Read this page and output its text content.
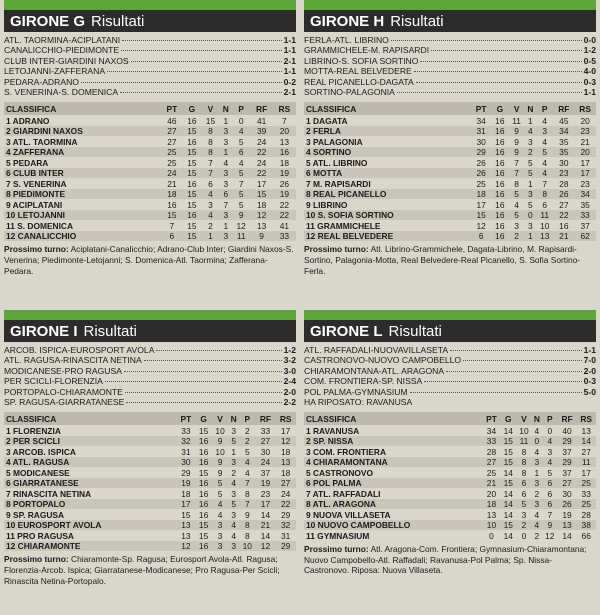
GIRONE G Risultati
ATL. TAORMINA-ACIPLATANI	1-1
CANALICCHIO-PIEDIMONTE	1-1
CLUB INTER-GIARDINI NAXOS	2-1
LETOJANNI-ZAFFERANA	1-1
PEDARA-ADRANO	0-2
S. VENERINA-S. DOMENICA	2-1
CLASSIFICA	PT	G	V	N	P	RF	RS
1 ADRANO	46	16	15	1	0	41	7
2 GIARDINI NAXOS	27	15	8	3	4	39	20
3 ATL. TAORMINA	27	16	8	3	5	24	13
4 ZAFFERANA	25	15	8	1	6	22	16
5 PEDARA	25	15	7	4	4	24	18
6 CLUB INTER	24	15	7	3	5	22	19
7 S. VENERINA	21	16	6	3	7	17	26
8 PIEDIMONTE	18	15	4	6	5	15	19
9 ACIPLATANI	16	15	3	7	5	18	22
10 LETOJANNI	15	16	4	3	9	12	22
11 S. DOMENICA	7	15	2	1	12	13	41
12 CANALICCHIO	6	15	1	3	11	9	33
Prossimo turno: Aciplatani-Canalicchio; Adrano-Club Inter; Giardini Naxos-S. Venerina; Piedimonte-Letojanni; S. Domenica-Atl. Taormina; Zafferana-Pedara.
GIRONE H Risultati
FERLA-ATL. LIBRINO	0-0
GRAMMICHELE-M. RAPISARDI	1-2
LIBRINO-S. SOFIA SORTINO	0-5
MOTTA-REAL BELVEDERE	4-0
REAL PICANELLO-DAGATA	0-3
SORTINO-PALAGONIA	1-1
CLASSIFICA	PT	G	V	N	P	RF	RS
1 DAGATA	34	16	11	1	4	45	20
2 FERLA	31	16	9	4	3	34	23
3 PALAGONIA	30	16	9	3	4	35	21
4 SORTINO	29	16	9	2	5	35	20
5 ATL. LIBRINO	26	16	7	5	4	30	17
6 MOTTA	26	16	7	5	4	23	17
7 M. RAPISARDI	25	16	8	1	7	28	23
8 REAL PICANELLO	18	16	5	3	8	26	34
9 LIBRINO	17	16	4	5	6	27	35
10 S. SOFIA SORTINO	15	16	5	0	11	22	33
11 GRAMMICHELE	12	16	3	3	10	16	37
12 REAL BELVEDERE	6	16	2	1	13	21	62
Prossimo turno: Atl. Librino-Grammichele, Dagata-Librino, M. Rapisardi-Sortino, Palagonia-Motta, Real Belvedere-Real Picanello, S. Sofia Sortino-Ferla.
GIRONE I Risultati
ARCOB. ISPICA-EUROSPORT AVOLA	1-2
ATL. RAGUSA-RINASCITA NETINA	3-2
MODICANESE-PRO RAGUSA	3-0
PER SCICLI-FLORENZIA	2-4
PORTOPALO-CHIARAMONTE	2-0
SP. RAGUSA-GIARRATANESE	2-2
CLASSIFICA	PT	G	V	N	P	RF	RS
1 FLORENZIA	33	15	10	3	2	33	17
2 PER SCICLI	32	16	9	5	2	27	12
3 ARCOB. ISPICA	31	16	10	1	5	30	18
4 ATL. RAGUSA	30	16	9	3	4	24	13
5 MODICANESE	29	15	9	2	4	37	18
6 GIARRATANESE	19	16	5	4	7	19	27
7 RINASCITA NETINA	18	16	5	3	8	23	24
8 PORTOPALO	17	16	4	5	7	17	22
9 SP. RAGUSA	15	16	4	3	9	14	29
10 EUROSPORT AVOLA	13	15	3	4	8	21	32
11 PRO RAGUSA	13	15	3	4	8	14	31
12 CHIARAMONTE	12	16	3	3	10	12	29
Prossimo turno: Chiaramonte-Sp. Ragusa; Eurosport Avola-Atl. Ragusa; Florenzia-Arcob. Ispica; Giarratanese-Modicanese; Pro Ragusa-Per Scicli; Rinascita Netina-Portopalo.
GIRONE L Risultati
ATL. RAFFADALI-NUOVAVILLASETA	1-1
CASTRONOVO-NUOVO CAMPOBELLO	7-0
CHIARAMONTANA-ATL. ARAGONA	2-0
COM. FRONTIERA-SP. NISSA	0-3
POL PALMA-GYMNASIUM	5-0
HA RIPOSATO: RAVANUSA
CLASSIFICA	PT	G	V	N	P	RF	RS
1 RAVANUSA	34	14	10	4	0	40	13
2 SP. NISSA	33	15	11	0	4	29	14
3 COM. FRONTIERA	28	15	8	4	3	37	27
4 CHIARAMONTANA	27	15	8	3	4	29	11
5 CASTRONOVO	25	14	8	1	5	37	17
6 POL PALMA	21	15	6	3	6	27	25
7 ATL. RAFFADALI	20	14	6	2	6	30	33
8 ATL. ARAGONA	18	14	5	3	6	26	25
9 NUOVA VILLASETA	13	14	3	4	7	19	28
10 NUOVO CAMPOBELLO	10	15	2	4	9	13	38
11 GYMNASIUM	0	14	0	2	12	14	66
Prossimo turno: Atl. Aragona-Com. Frontiera; Gymnasium-Chiaramontana; Nuovo Campobello-Atl. Raffadali; Ravanusa-Pol Palma; Sp. Nissa-Castronovo. Riposa: Nuova Villaseta.
